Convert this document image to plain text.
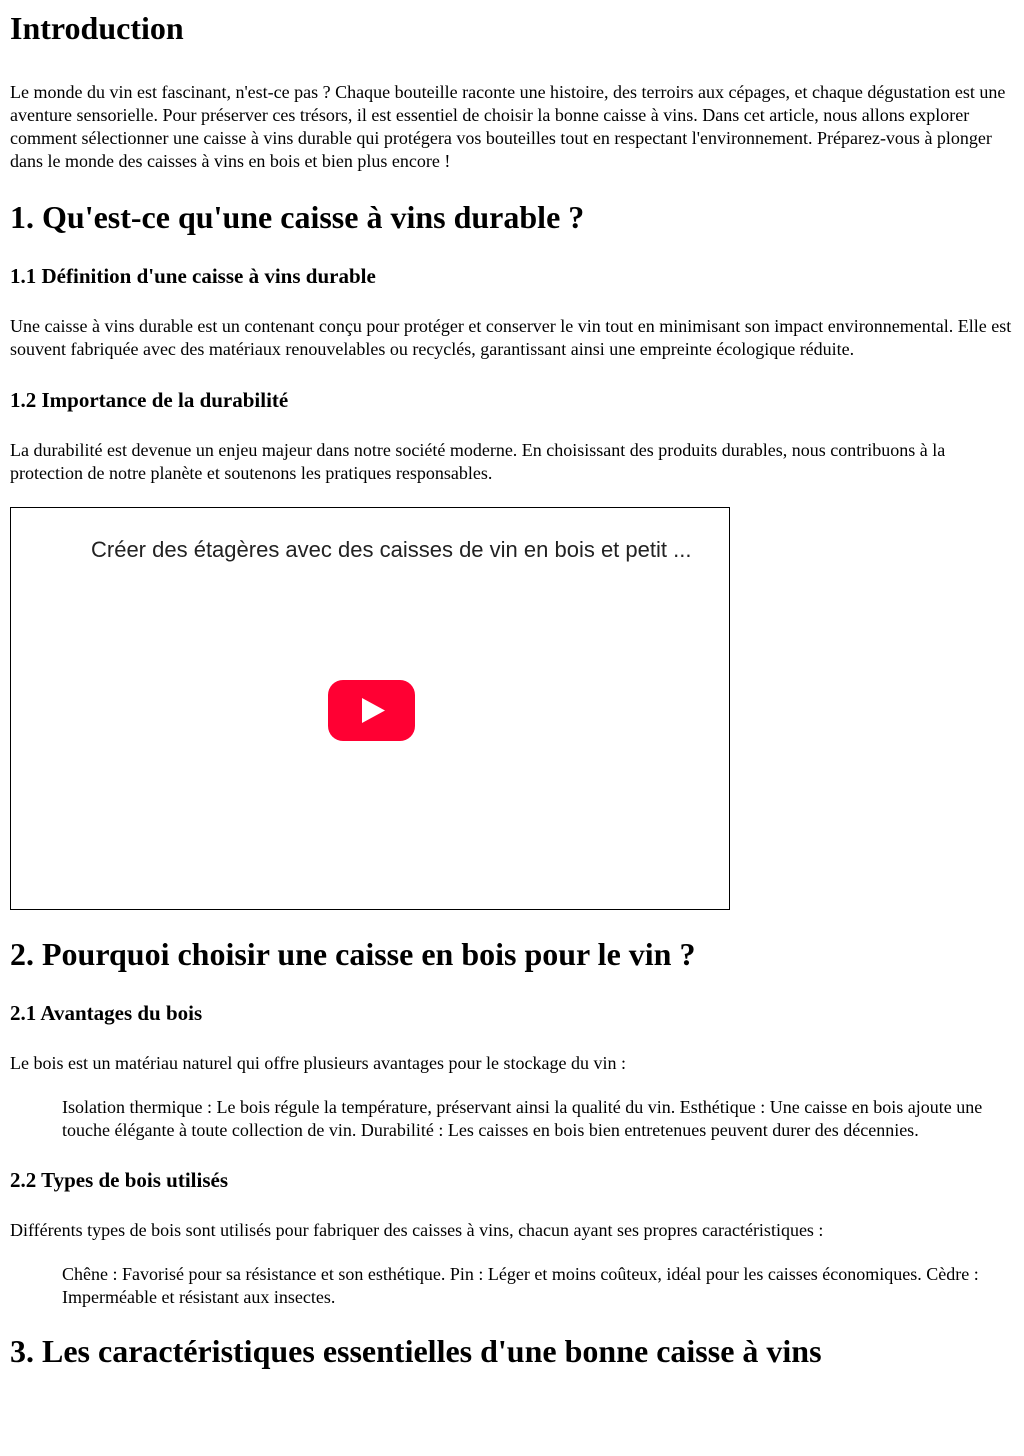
Introduction

Le monde du vin est fascinant, n'est-ce pas ? Chaque bouteille raconte une histoire, des terroirs aux cépages, et chaque dégustation est une aventure sensorielle. Pour préserver ces trésors, il est essentiel de choisir la bonne caisse à vins. Dans cet article, nous allons explorer comment sélectionner une caisse à vins durable qui protégera vos bouteilles tout en respectant l'environnement. Préparez-vous à plonger dans le monde des caisses à vins en bois et bien plus encore !

1. Qu'est-ce qu'une caisse à vins durable ?
1.1 Définition d'une caisse à vins durable

Une caisse à vins durable est un contenant conçu pour protéger et conserver le vin tout en minimisant son impact environnemental. Elle est souvent fabriquée avec des matériaux renouvelables ou recyclés, garantissant ainsi une empreinte écologique réduite.

1.2 Importance de la durabilité

La durabilité est devenue un enjeu majeur dans notre société moderne. En choisissant des produits durables, nous contribuons à la protection de notre planète et soutenons les pratiques responsables.

Créer des étagères avec des caisses de vin en bois et petit ...
2. Pourquoi choisir une caisse en bois pour le vin ?
2.1 Avantages du bois

Le bois est un matériau naturel qui offre plusieurs avantages pour le stockage du vin :

Isolation thermique : Le bois régule la température, préservant ainsi la qualité du vin. Esthétique : Une caisse en bois ajoute une touche élégante à toute collection de vin. Durabilité : Les caisses en bois bien entretenues peuvent durer des décennies.
2.2 Types de bois utilisés

Différents types de bois sont utilisés pour fabriquer des caisses à vins, chacun ayant ses propres caractéristiques :

Chêne : Favorisé pour sa résistance et son esthétique. Pin : Léger et moins coûteux, idéal pour les caisses économiques. Cèdre : Imperméable et résistant aux insectes.
3. Les caractéristiques essentielles d'une bonne caisse à vins
